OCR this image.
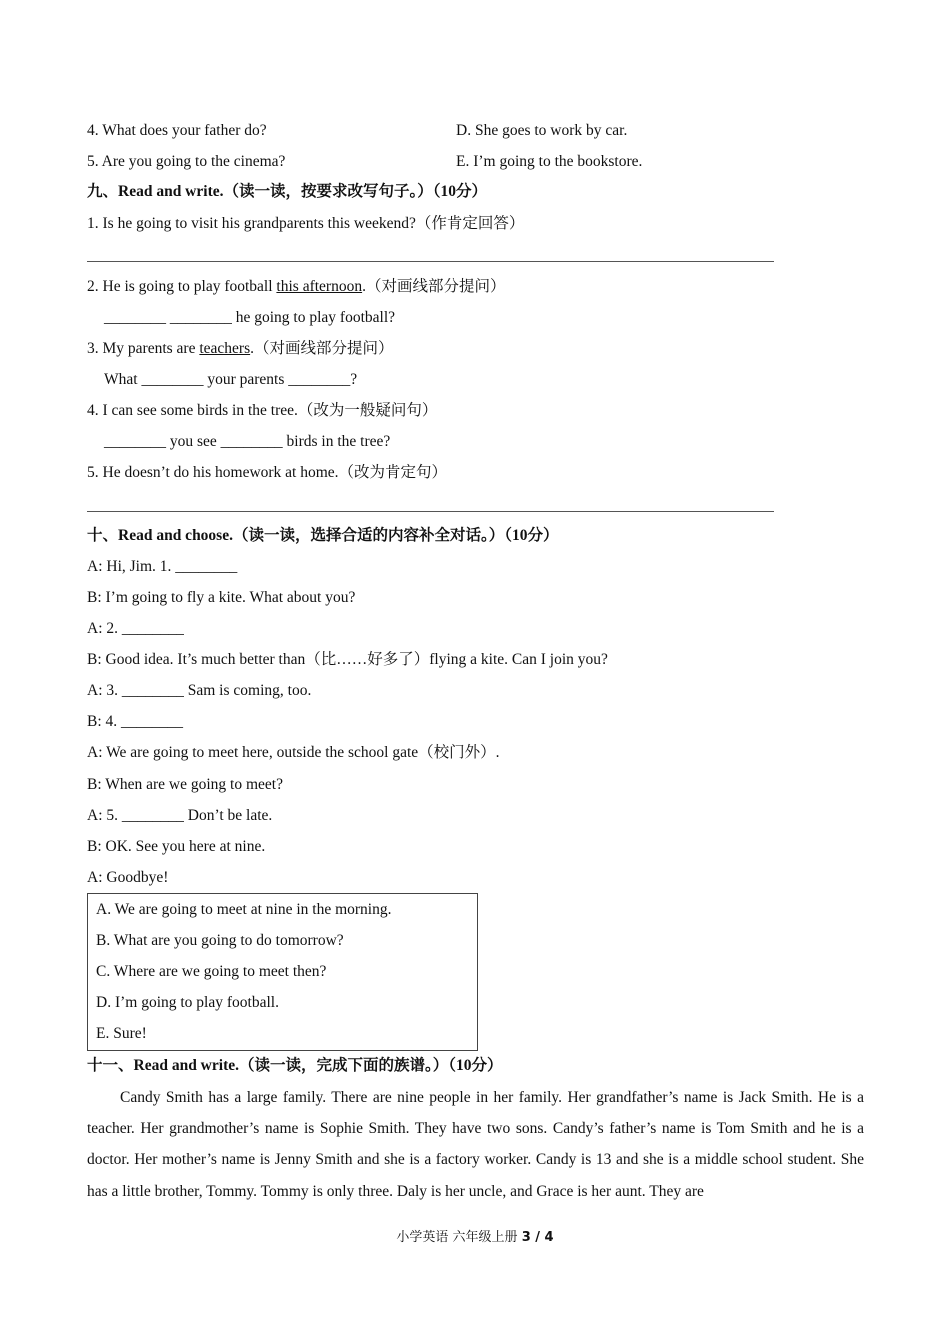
4. What does your father do?	D. She goes to work by car.
5. Are you going to the cinema?	E. I’m going to the bookstore.
九、Read and write.（读一读，按要求改写句子。）（10分）
1. Is he going to visit his grandparents this weekend?（作肯定回答）
2. He is going to play football this afternoon.（对画线部分提问）
________ ________ he going to play football?
3. My parents are teachers.（对画线部分提问）
What ________ your parents ________?
4. I can see some birds in the tree.（改为一般疑问句）
________ you see ________ birds in the tree?
5. He doesn’t do his homework at home.（改为肯定句）
十、Read and choose.（读一读，选择合适的内容补全对话。）（10分）
A: Hi, Jim. 1. ________
B: I’m going to fly a kite. What about you?
A: 2. ________
B: Good idea. It’s much better than（比……好多了）flying a kite. Can I join you?
A: 3. ________ Sam is coming, too.
B: 4. ________
A: We are going to meet here, outside the school gate（校门外）.
B: When are we going to meet?
A: 5. ________ Don’t be late.
B: OK. See you here at nine.
A: Goodbye!
A. We are going to meet at nine in the morning.
B. What are you going to do tomorrow?
C. Where are we going to meet then?
D. I’m going to play football.
E. Sure!
十一、Read and write.（读一读，完成下面的族谱。）（10分）
Candy Smith has a large family. There are nine people in her family. Her grandfather’s name is Jack Smith. He is a teacher. Her grandmother’s name is Sophie Smith. They have two sons. Candy’s father’s name is Tom Smith and he is a doctor. Her mother’s name is Jenny Smith and she is a factory worker. Candy is 13 and she is a middle school student. She has a little brother, Tommy. Tommy is only three. Daly is her uncle, and Grace is her aunt. They are
小学英语 六年级上册 3 / 4
